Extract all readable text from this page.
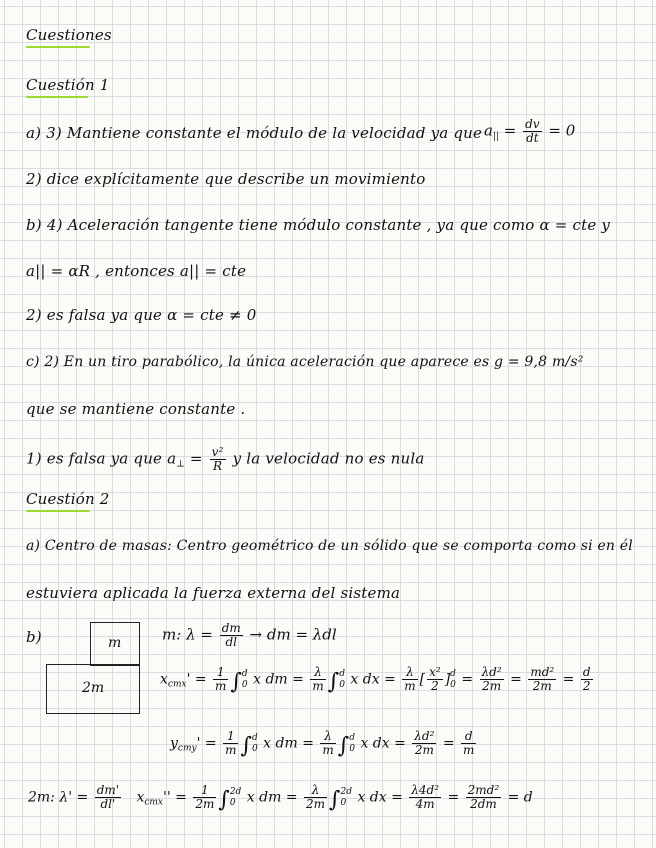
Cuestiones
Cuestión 1
a) 3) Mantiene constante el módulo de la velocidad ya que $a_{||} = \frac{dv}{dt} = 0$
2) dice explícitamente que describe un movimiento
b) 4) Aceleración tangente tiene módulo constante , ya que como α = cte y
a|| = αR , entonces a|| = cte
2) es falsa ya que α = cte ≠ 0
c) 2) En un tiro parabólico, la única aceleración que aparece es g = 9,8 m/s²
que se mantiene constante .
1) es falsa ya que $a_\perp = \frac{\text{v²}}{R}$ y la velocidad no es nula
Cuestión 2
a) Centro de masas: Centro geométrico de un sólido que se comporta como si en él
estuviera aplicada la fuerza externa del sistema
b)	m
2m
m: $\lambda = \frac{dm}{dl}$ → dm = λdl
$x_{cmx}' = \frac{1}{m}$ ∫ d
0 x dm = $\frac{\lambda}{m}$ ∫ d
0 x dx = $\frac{\lambda}{m}$ [ $\frac{\text{x²}}{2}$ ] d
$0 = \frac{\text{λd²}}{2m} = \frac{\text{md²}}{2m} = \frac{d}{2}$
$y_{cmy}' = \frac{1}{m}$ ∫ d
0 x dm = $\frac{\lambda}{m}$ ∫ d
0 x dx = $\frac{\text{λd²}}{2m} = \frac{d}{m}$
2m: $\lambda' = \frac{dm'}{dl'} x_{cmx}'' = \frac{1}{2m}$ ∫ 2d
0 x dm = $\frac{\lambda}{2m}$ ∫ 2d
0 x dx = $\frac{\text{λ4d²}}{4m} = \frac{\text{2md²}}{2dm} = d$
